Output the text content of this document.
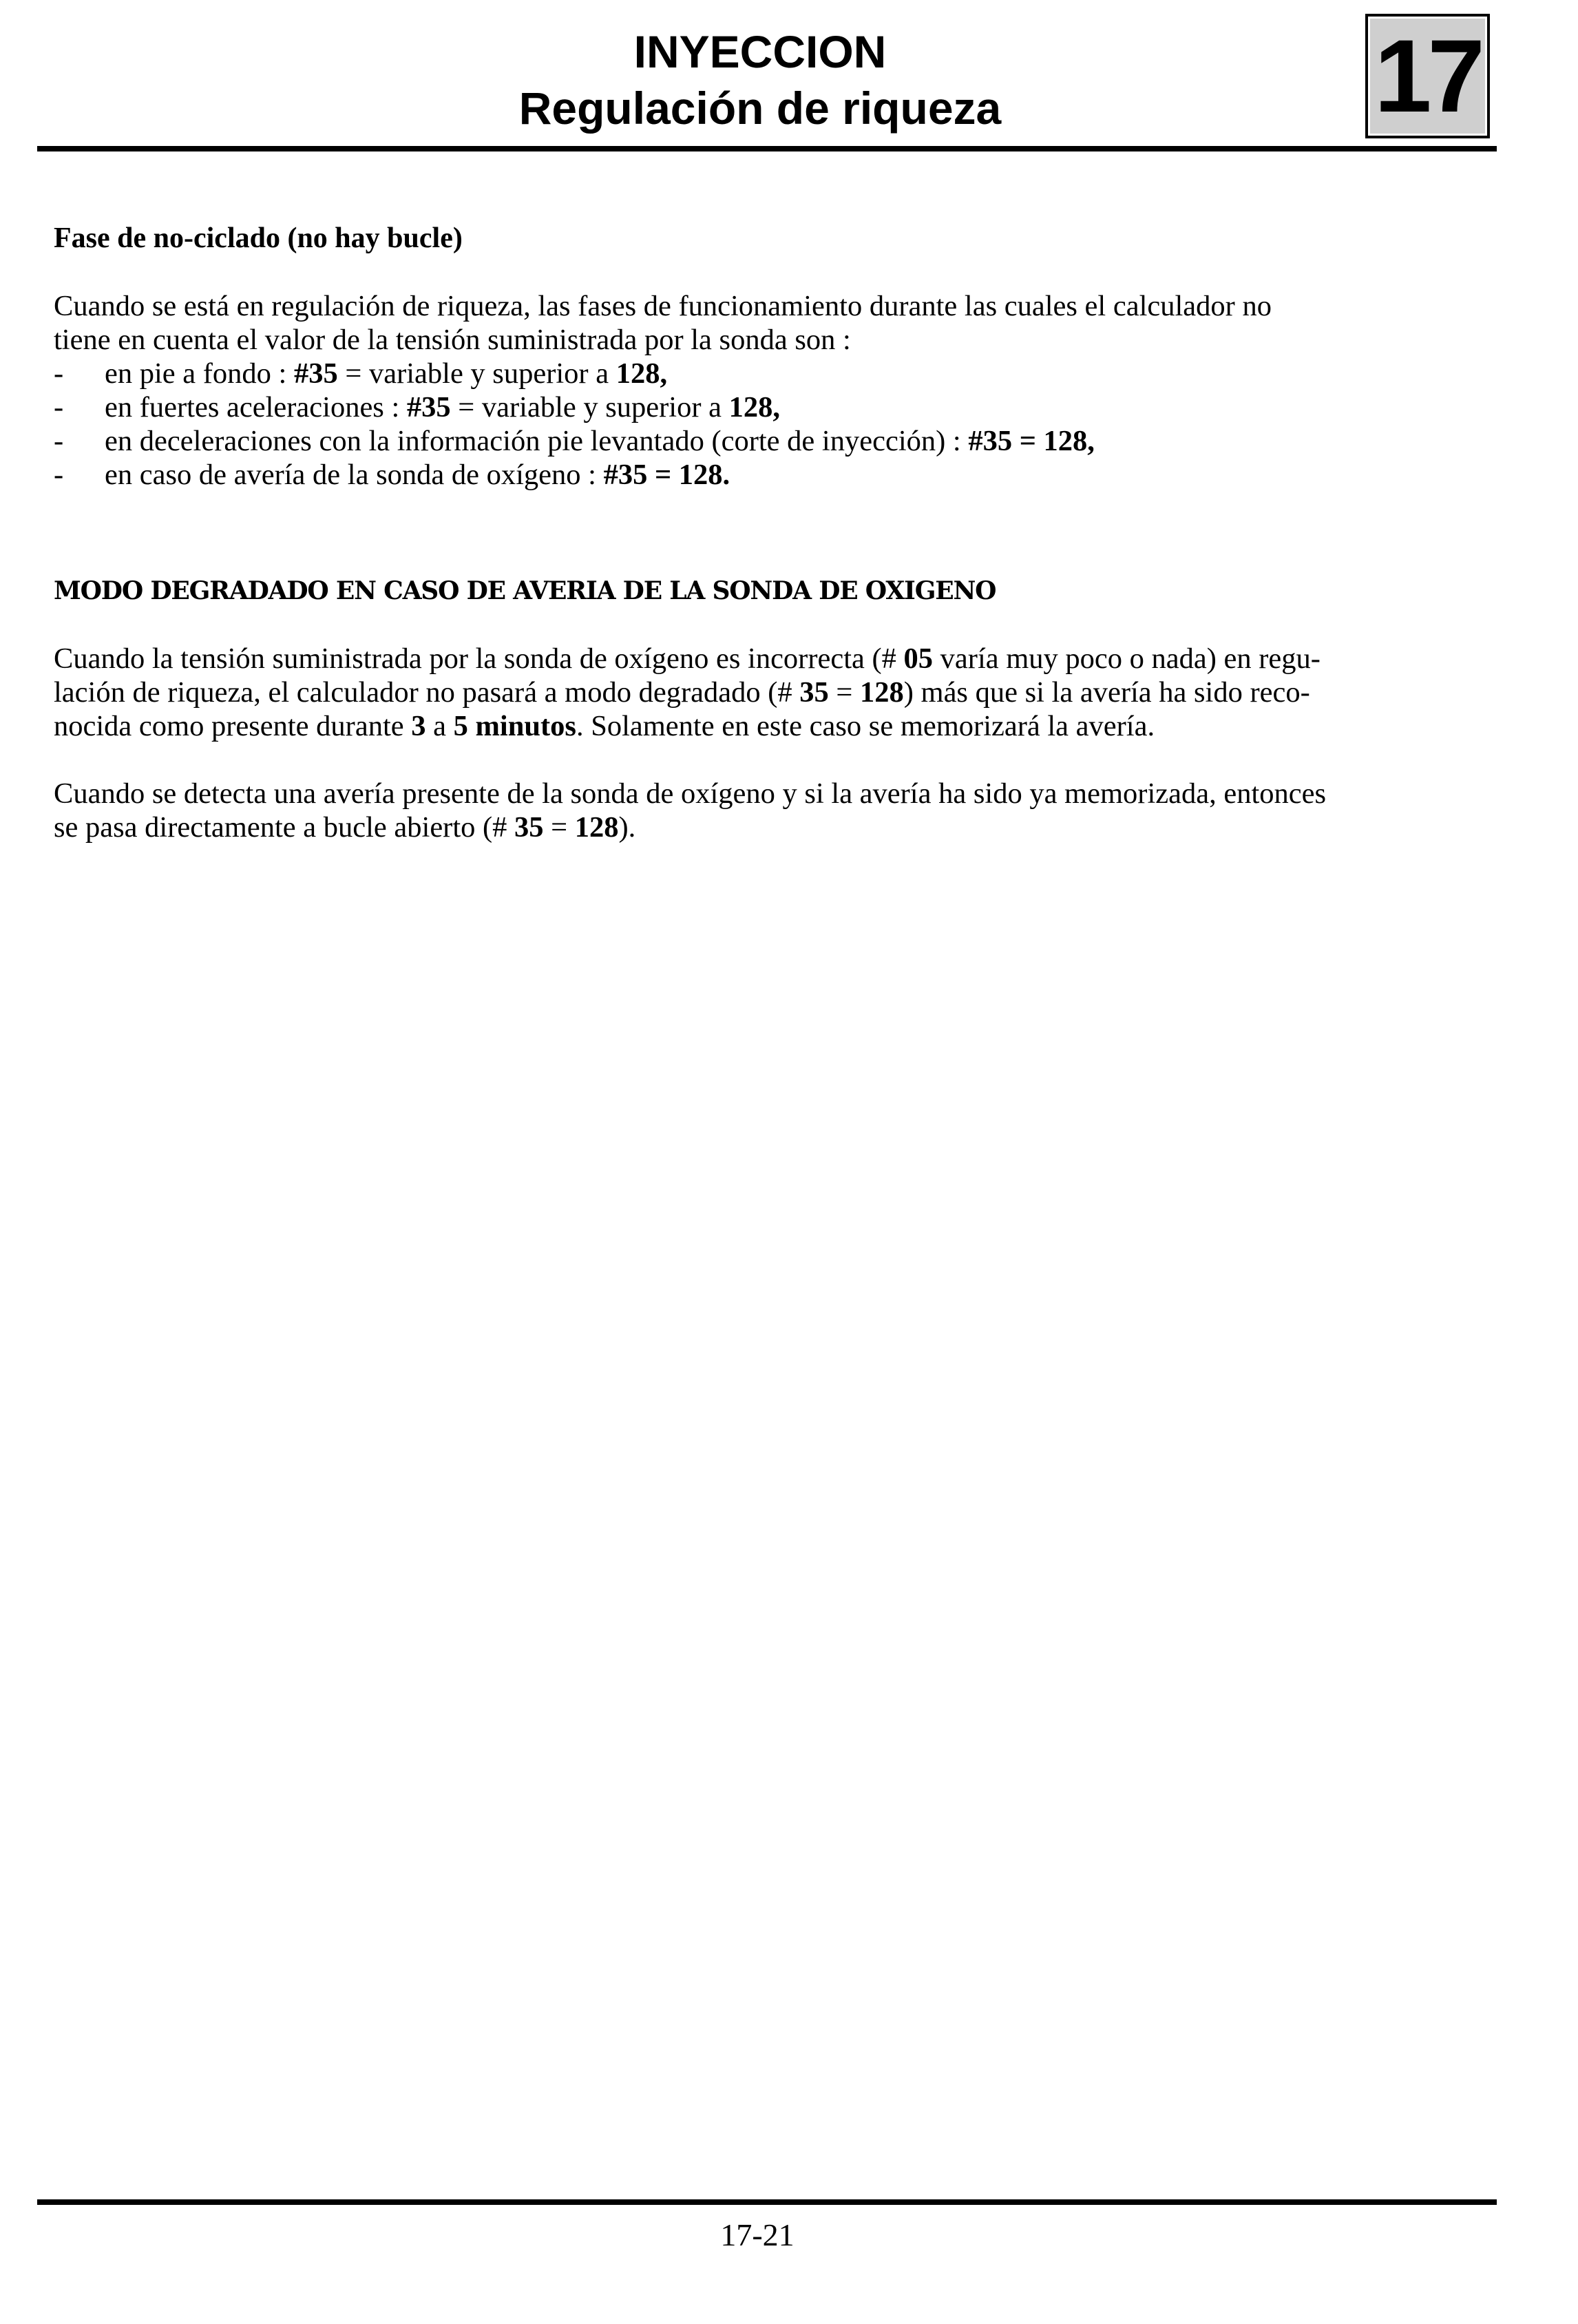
INYECCION
Regulación de riqueza	17
Fase de no-ciclado (no hay bucle)

Cuando se está en regulación de riqueza, las fases de funcionamiento durante las cuales el calculador no

tiene en cuenta el valor de la tensión suministrada por la sonda son :

- en pie a fondo : #35 = variable y superior a 128,
- en fuertes aceleraciones : #35 = variable y superior a 128,
- en deceleraciones con la información pie levantado (corte de inyección) : #35 = 128,
- en caso de avería de la sonda de oxígeno : #35 = 128.
MODO DEGRADADO EN CASO DE AVERIA DE LA SONDA DE OXIGENO

Cuando la tensión suministrada por la sonda de oxígeno es incorrecta (# 05 varía muy poco o nada) en regu-

lación de riqueza, el calculador no pasará a modo degradado (# 35 = 128) más que si la avería ha sido reco-

nocida como presente durante 3 a 5 minutos. Solamente en este caso se memorizará la avería.

Cuando se detecta una avería presente de la sonda de oxígeno y si la avería ha sido ya memorizada, entonces

se pasa directamente a bucle abierto (# 35 = 128).

17-21
